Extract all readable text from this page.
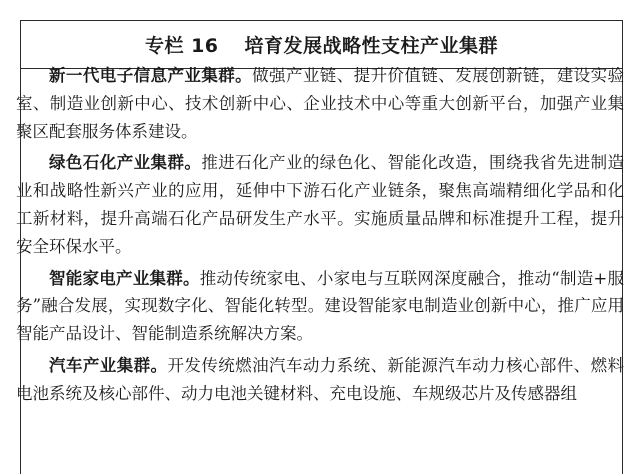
专栏 16 培育发展战略性支柱产业集群

新一代电子信息产业集群。做强产业链、提升价值链、发展创新链，建设实验室、制造业创新中心、技术创新中心、企业技术中心等重大创新平台，加强产业集聚区配套服务体系建设。

绿色石化产业集群。推进石化产业的绿色化、智能化改造，围绕我省先进制造业和战略性新兴产业的应用，延伸中下游石化产业链条，聚焦高端精细化学品和化工新材料，提升高端石化产品研发生产水平。实施质量品牌和标准提升工程，提升安全环保水平。

智能家电产业集群。推动传统家电、小家电与互联网深度融合，推动“制造+服务”融合发展，实现数字化、智能化转型。建设智能家电制造业创新中心，推广应用智能产品设计、智能制造系统解决方案。

汽车产业集群。开发传统燃油汽车动力系统、新能源汽车动力核心部件、燃料电池系统及核心部件、动力电池关键材料、充电设施、车规级芯片及传感器组
